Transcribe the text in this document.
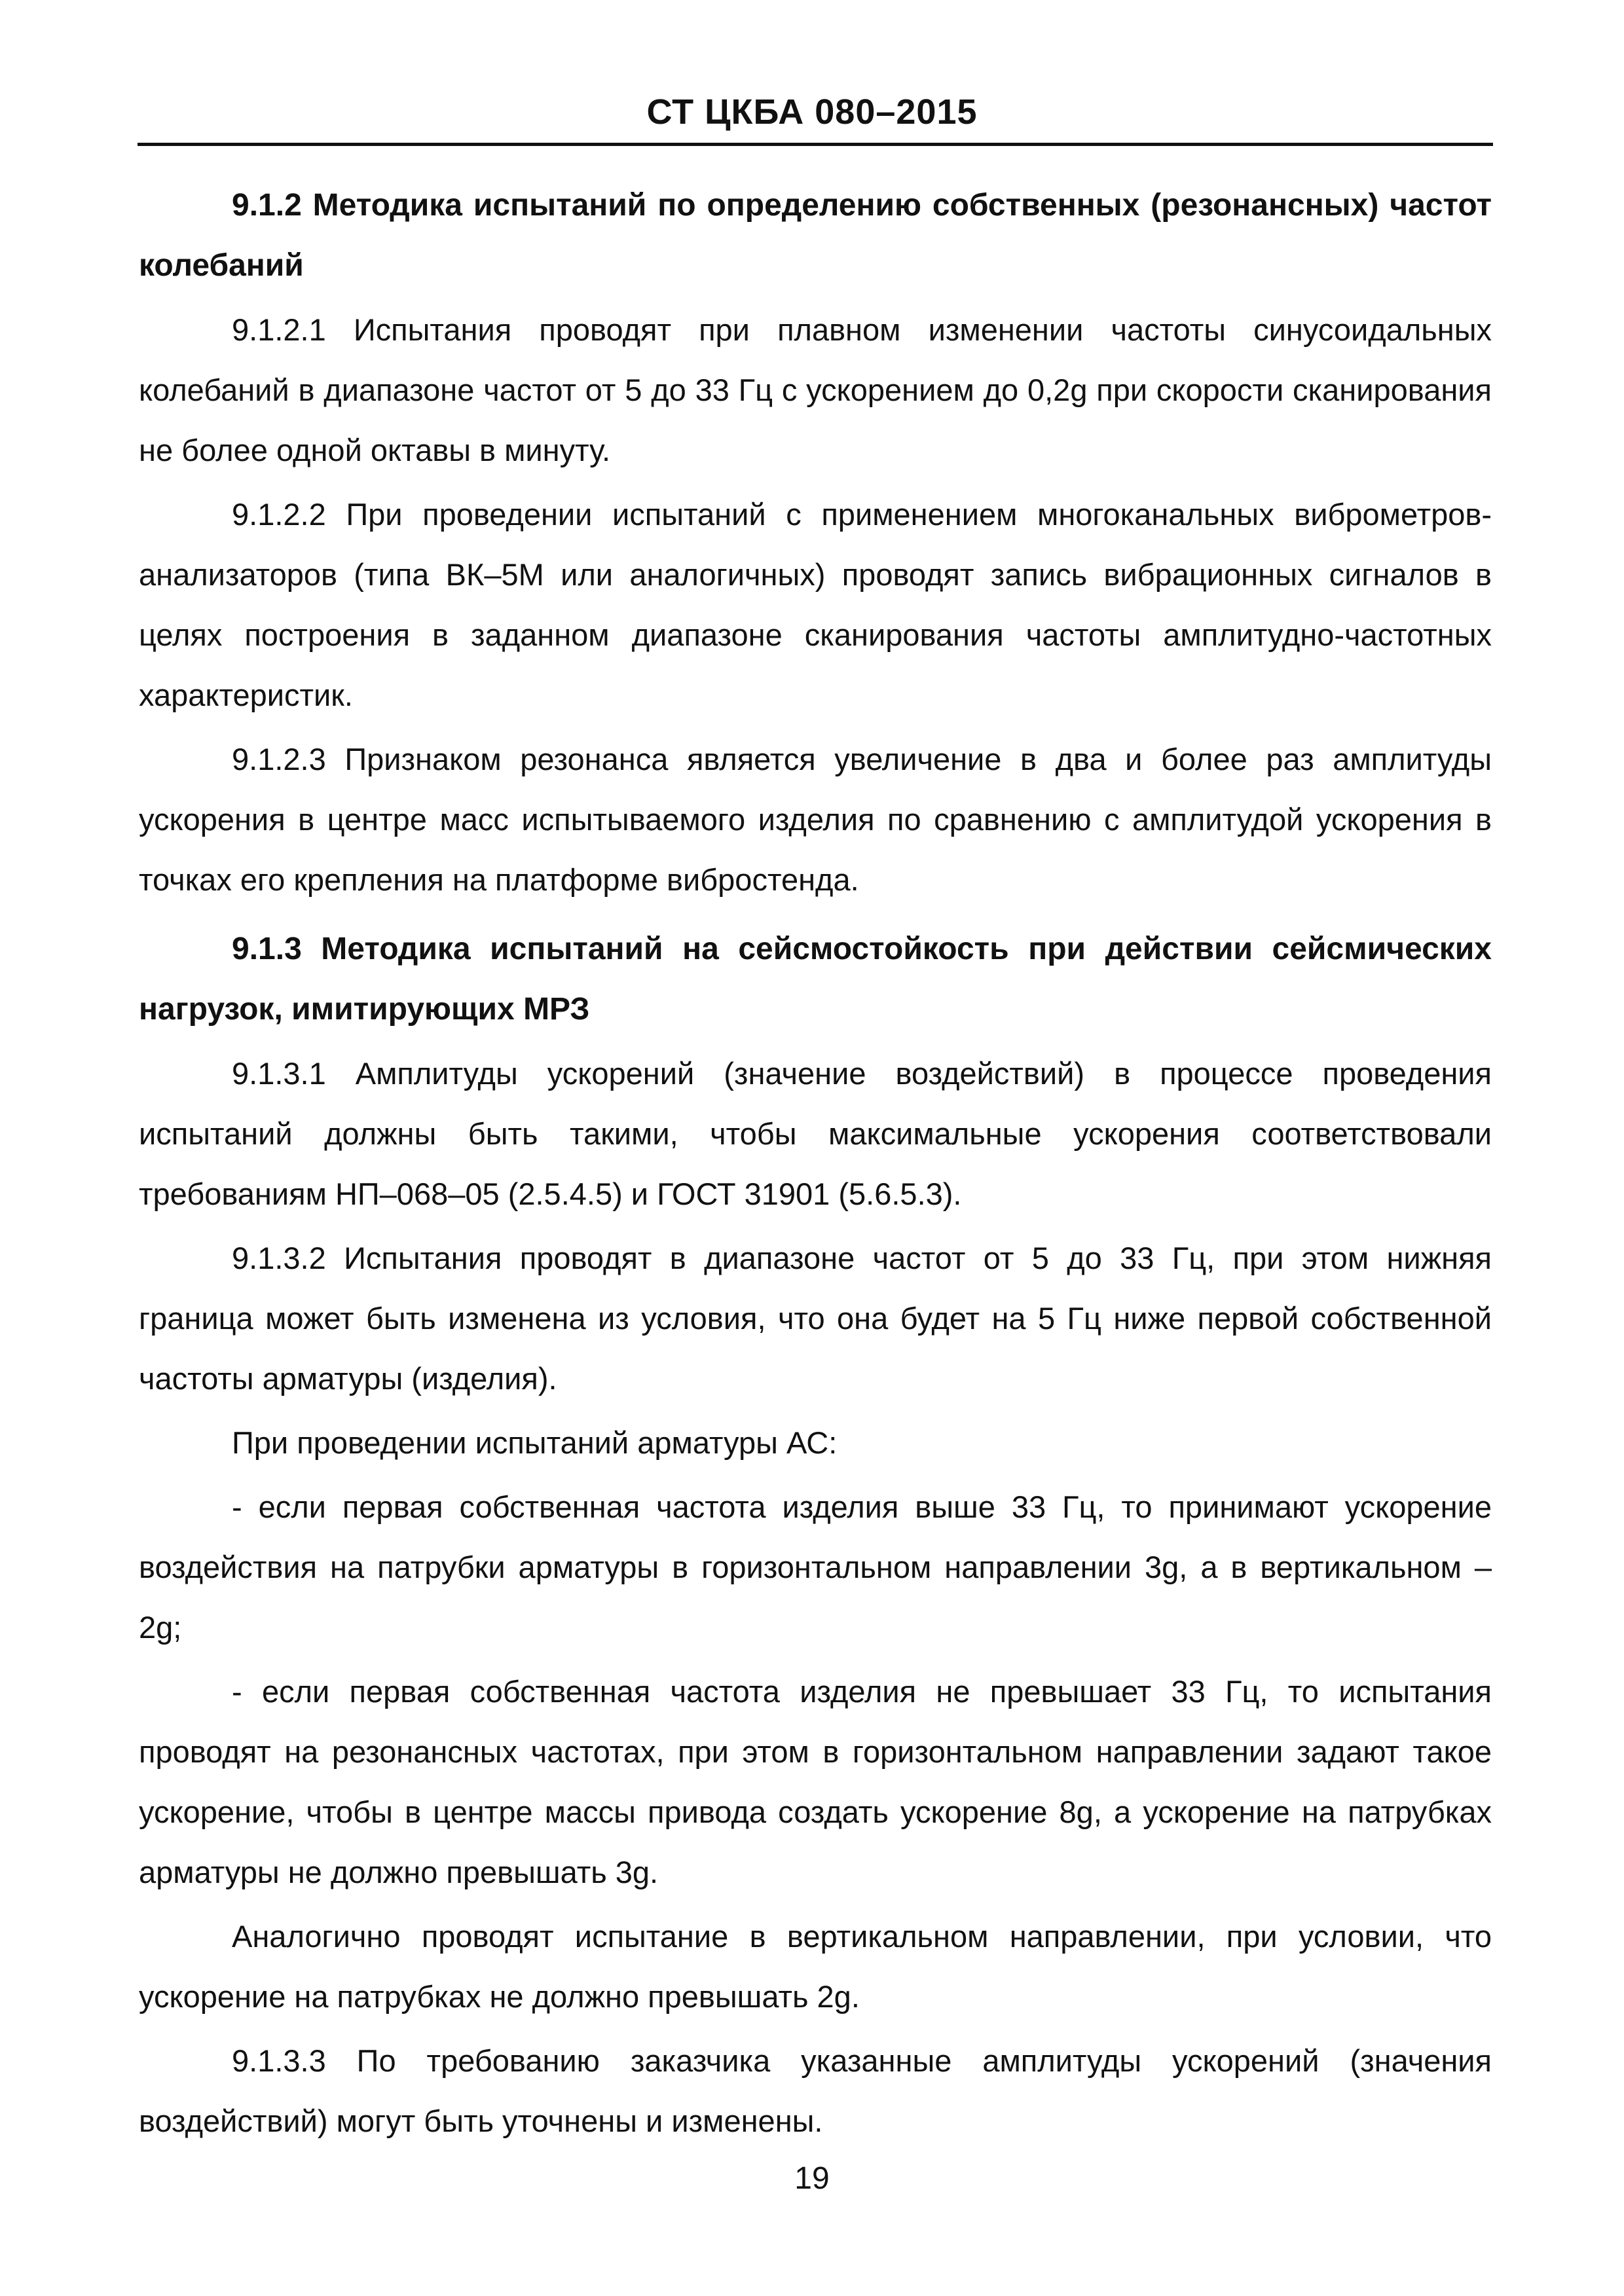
СТ ЦКБА 080–2015
9.1.2 Методика испытаний по определению собственных (резонансных) частот колебаний
9.1.2.1 Испытания проводят при плавном изменении частоты синусоидальных колебаний в диапазоне частот от 5 до 33 Гц с ускорением до 0,2g при скорости сканирования не более одной октавы в минуту.
9.1.2.2 При проведении испытаний с применением многоканальных виброметров-анализаторов (типа ВК–5М или аналогичных) проводят запись вибрационных сигналов в целях построения в заданном диапазоне сканирования частоты амплитудно-частотных характеристик.
9.1.2.3 Признаком резонанса является увеличение в два и более раз амплитуды ускорения в центре масс испытываемого изделия по сравнению с амплитудой ускорения в точках его крепления на платформе вибростенда.
9.1.3 Методика испытаний на сейсмостойкость при действии сейсмических нагрузок, имитирующих МРЗ
9.1.3.1 Амплитуды ускорений (значение воздействий) в процессе проведения испытаний должны быть такими, чтобы максимальные ускорения соответствовали требованиям НП–068–05 (2.5.4.5) и ГОСТ 31901 (5.6.5.3).
9.1.3.2 Испытания проводят в диапазоне частот от 5 до 33 Гц, при этом нижняя граница может быть изменена из условия, что она будет на 5 Гц ниже первой собственной частоты арматуры (изделия).
При проведении испытаний арматуры АС:
- если первая собственная частота изделия выше 33 Гц, то принимают ускорение воздействия на патрубки арматуры в горизонтальном направлении 3g, а в вертикальном – 2g;
- если первая собственная частота изделия не превышает 33 Гц, то испытания проводят на резонансных частотах, при этом в горизонтальном направлении задают такое ускорение, чтобы в центре массы привода создать ускорение 8g, а ускорение на патрубках арматуры не должно превышать 3g.
Аналогично проводят испытание в вертикальном направлении, при условии, что ускорение на патрубках не должно превышать 2g.
9.1.3.3 По требованию заказчика указанные амплитуды ускорений (значения воздействий) могут быть уточнены и изменены.
19
